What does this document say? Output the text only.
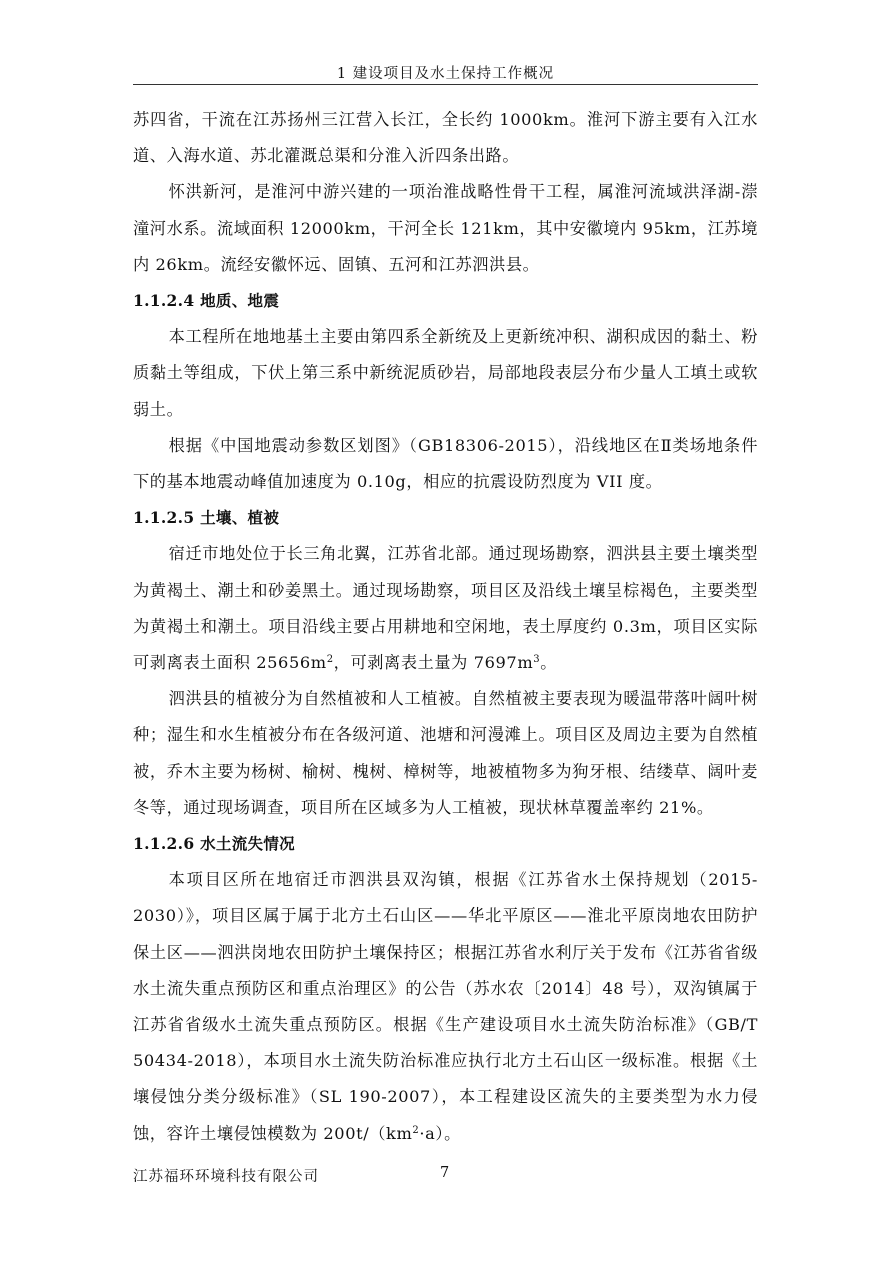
1 建设项目及水土保持工作概况

苏四省，干流在江苏扬州三江营入长江，全长约 1000km。淮河下游主要有入江水道、入海水道、苏北灌溉总渠和分淮入沂四条出路。

怀洪新河，是淮河中游兴建的一项治淮战略性骨干工程，属淮河流域洪泽湖-漴潼河水系。流域面积 12000km，干河全长 121km，其中安徽境内 95km，江苏境内 26km。流经安徽怀远、固镇、五河和江苏泗洪县。

1.1.2.4 地质、地震

本工程所在地地基土主要由第四系全新统及上更新统冲积、湖积成因的黏土、粉质黏土等组成，下伏上第三系中新统泥质砂岩，局部地段表层分布少量人工填土或软弱土。

根据《中国地震动参数区划图》（GB18306-2015），沿线地区在Ⅱ类场地条件下的基本地震动峰值加速度为 0.10g，相应的抗震设防烈度为 VII 度。

1.1.2.5 土壤、植被

宿迁市地处位于长三角北翼，江苏省北部。通过现场勘察，泗洪县主要土壤类型为黄褐土、潮土和砂姜黑土。通过现场勘察，项目区及沿线土壤呈棕褐色，主要类型为黄褐土和潮土。项目沿线主要占用耕地和空闲地，表土厚度约 0.3m，项目区实际可剥离表土面积 $25656m^2$，可剥离表土量为 $7697m^3$。

泗洪县的植被分为自然植被和人工植被。自然植被主要表现为暖温带落叶阔叶树种；湿生和水生植被分布在各级河道、池塘和河漫滩上。项目区及周边主要为自然植被，乔木主要为杨树、榆树、槐树、樟树等，地被植物多为狗牙根、结缕草、阔叶麦冬等，通过现场调查，项目所在区域多为人工植被，现状林草覆盖率约 21%。

1.1.2.6 水土流失情况

本项目区所在地宿迁市泗洪县双沟镇，根据《江苏省水土保持规划（2015-2030）》，项目区属于属于北方土石山区——华北平原区——淮北平原岗地农田防护保土区——泗洪岗地农田防护土壤保持区；根据江苏省水利厅关于发布《江苏省省级水土流失重点预防区和重点治理区》的公告（苏水农〔2014〕48 号），双沟镇属于江苏省省级水土流失重点预防区。根据《生产建设项目水土流失防治标准》（GB/T 50434-2018），本项目水土流失防治标准应执行北方土石山区一级标准。根据《土壤侵蚀分类分级标准》（SL 190-2007），本工程建设区流失的主要类型为水力侵蚀，容许土壤侵蚀模数为 $200t/(km^2\cdot a)$。

江苏福环环境科技有限公司	7
